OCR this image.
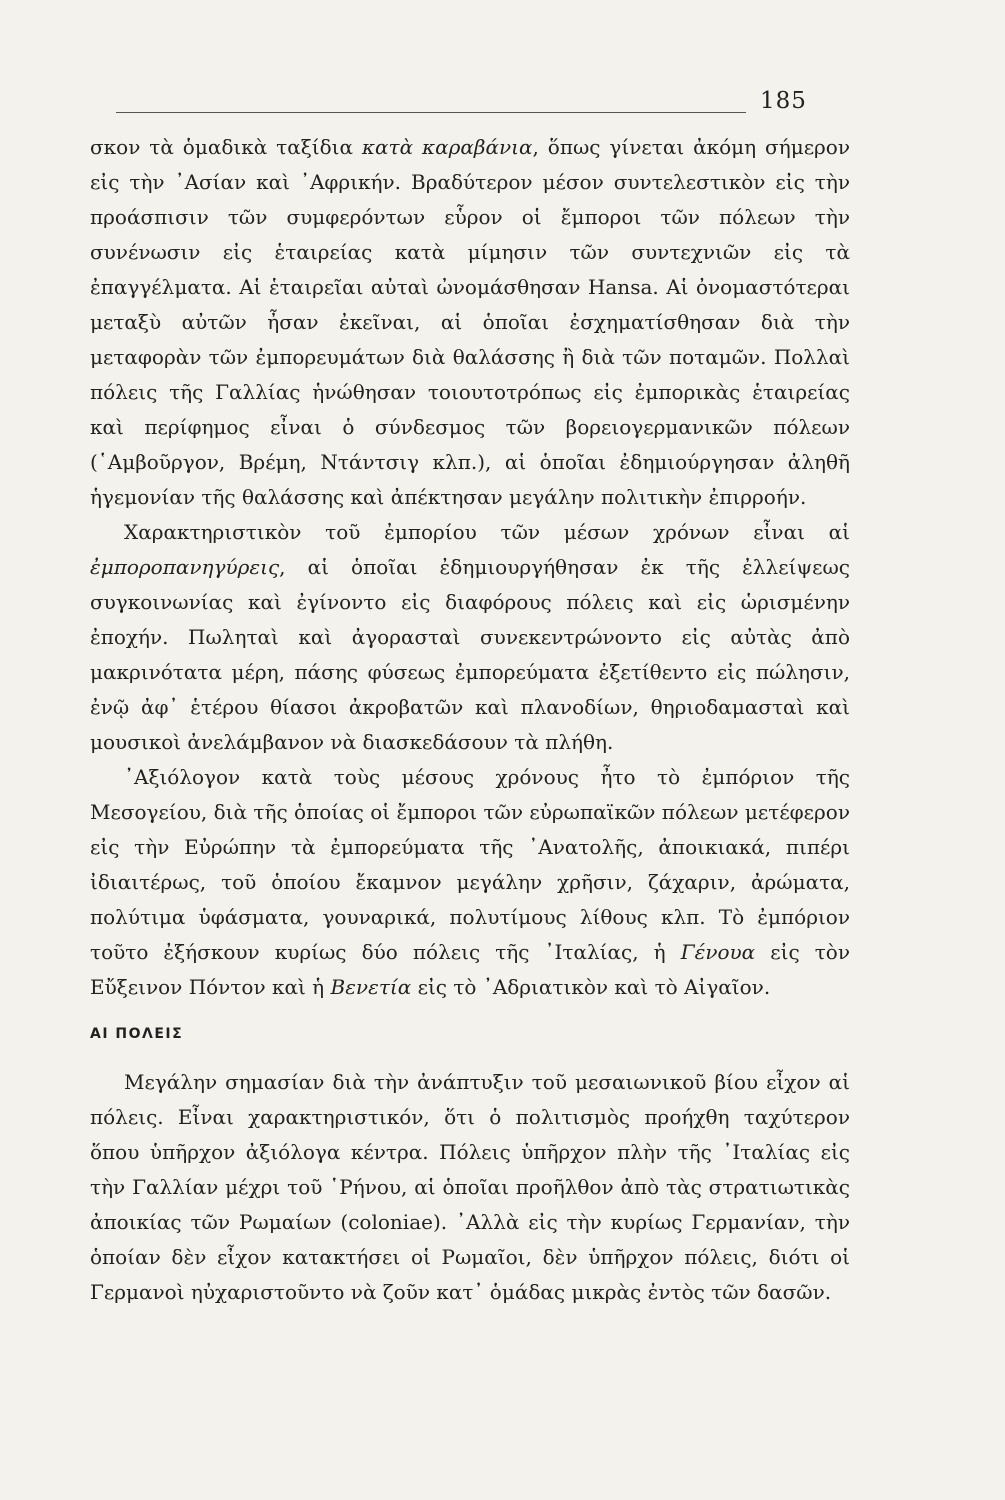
185

σκον τὰ ὁμαδικὰ ταξίδια κατὰ καραβάνια, ὅπως γίνεται ἀκόμη σήμερον εἰς τὴν ᾿Ασίαν καὶ ᾿Αφρικήν. Βραδύτερον μέσον συντελεστικὸν εἰς τὴν προάσπισιν τῶν συμφερόντων εὗρον οἱ ἔμποροι τῶν πόλεων τὴν συνένωσιν εἰς ἑταιρείας κατὰ μίμησιν τῶν συντεχνιῶν εἰς τὰ ἐπαγγέλματα. Αἱ ἑταιρεῖαι αὐταὶ ὠνομάσθησαν Hansa. Αἱ ὀνομαστότεραι μεταξὺ αὐτῶν ἦσαν ἐκεῖναι, αἱ ὁποῖαι ἐσχηματίσθησαν διὰ τὴν μεταφορὰν τῶν ἐμπορευμάτων διὰ θαλάσσης ἢ διὰ τῶν ποταμῶν. Πολλαὶ πόλεις τῆς Γαλλίας ἡνώθησαν τοιουτοτρόπως εἰς ἐμπορικὰς ἑταιρείας καὶ περίφημος εἶναι ὁ σύνδεσμος τῶν βορειογερμανικῶν πόλεων (῾Αμβοῦργον, Βρέμη, Ντάντσιγ κλπ.), αἱ ὁποῖαι ἐδημιούργησαν ἀληθῆ ἡγεμονίαν τῆς θαλάσσης καὶ ἀπέκτησαν μεγάλην πολιτικὴν ἐπιρροήν.

Χαρακτηριστικὸν τοῦ ἐμπορίου τῶν μέσων χρόνων εἶναι αἱ ἐμποροπανηγύρεις, αἱ ὁποῖαι ἐδημιουργήθησαν ἐκ τῆς ἐλλείψεως συγκοινωνίας καὶ ἐγίνοντο εἰς διαφόρους πόλεις καὶ εἰς ὡρισμένην ἐποχήν. Πωληταὶ καὶ ἀγορασταὶ συνεκεντρώνοντο εἰς αὐτὰς ἀπὸ μακρινότατα μέρη, πάσης φύσεως ἐμπορεύματα ἐξετίθεντο εἰς πώλησιν, ἐνῷ ἀφ᾿ ἑτέρου θίασοι ἀκροβατῶν καὶ πλανοδίων, θηριοδαμασταὶ καὶ μουσικοὶ ἀνελάμβανον νὰ διασκεδάσουν τὰ πλήθη.

᾿Αξιόλογον κατὰ τοὺς μέσους χρόνους ἦτο τὸ ἐμπόριον τῆς Μεσογείου, διὰ τῆς ὁποίας οἱ ἔμποροι τῶν εὐρωπαϊκῶν πόλεων μετέφερον εἰς τὴν Εὐρώπην τὰ ἐμπορεύματα τῆς ᾿Ανατολῆς, ἀποικιακά, πιπέρι ἰδιαιτέρως, τοῦ ὁποίου ἔκαμνον μεγάλην χρῆσιν, ζάχαριν, ἀρώματα, πολύτιμα ὑφάσματα, γουναρικά, πολυτίμους λίθους κλπ. Τὸ ἐμπόριον τοῦτο ἐξήσκουν κυρίως δύο πόλεις τῆς ᾿Ιταλίας, ἡ Γένουα εἰς τὸν Εὔξεινον Πόντον καὶ ἡ Βενετία εἰς τὸ ᾿Αδριατικὸν καὶ τὸ Αἰγαῖον.

ΑΙ ΠΟΛΕΙΣ

Μεγάλην σημασίαν διὰ τὴν ἀνάπτυξιν τοῦ μεσαιωνικοῦ βίου εἶχον αἱ πόλεις. Εἶναι χαρακτηριστικόν, ὅτι ὁ πολιτισμὸς προήχθη ταχύτερον ὅπου ὑπῆρχον ἀξιόλογα κέντρα. Πόλεις ὑπῆρχον πλὴν τῆς ᾿Ιταλίας εἰς τὴν Γαλλίαν μέχρι τοῦ ῾Ρήνου, αἱ ὁποῖαι προῆλθον ἀπὸ τὰς στρατιωτικὰς ἀποικίας τῶν Ρωμαίων (coloniae). ᾿Αλλὰ εἰς τὴν κυρίως Γερμανίαν, τὴν ὁποίαν δὲν εἶχον κατακτήσει οἱ Ρωμαῖοι, δὲν ὑπῆρχον πόλεις, διότι οἱ Γερμανοὶ ηὐχαριστοῦντο νὰ ζοῦν κατ᾿ ὁμάδας μικρὰς ἐντὸς τῶν δασῶν.
